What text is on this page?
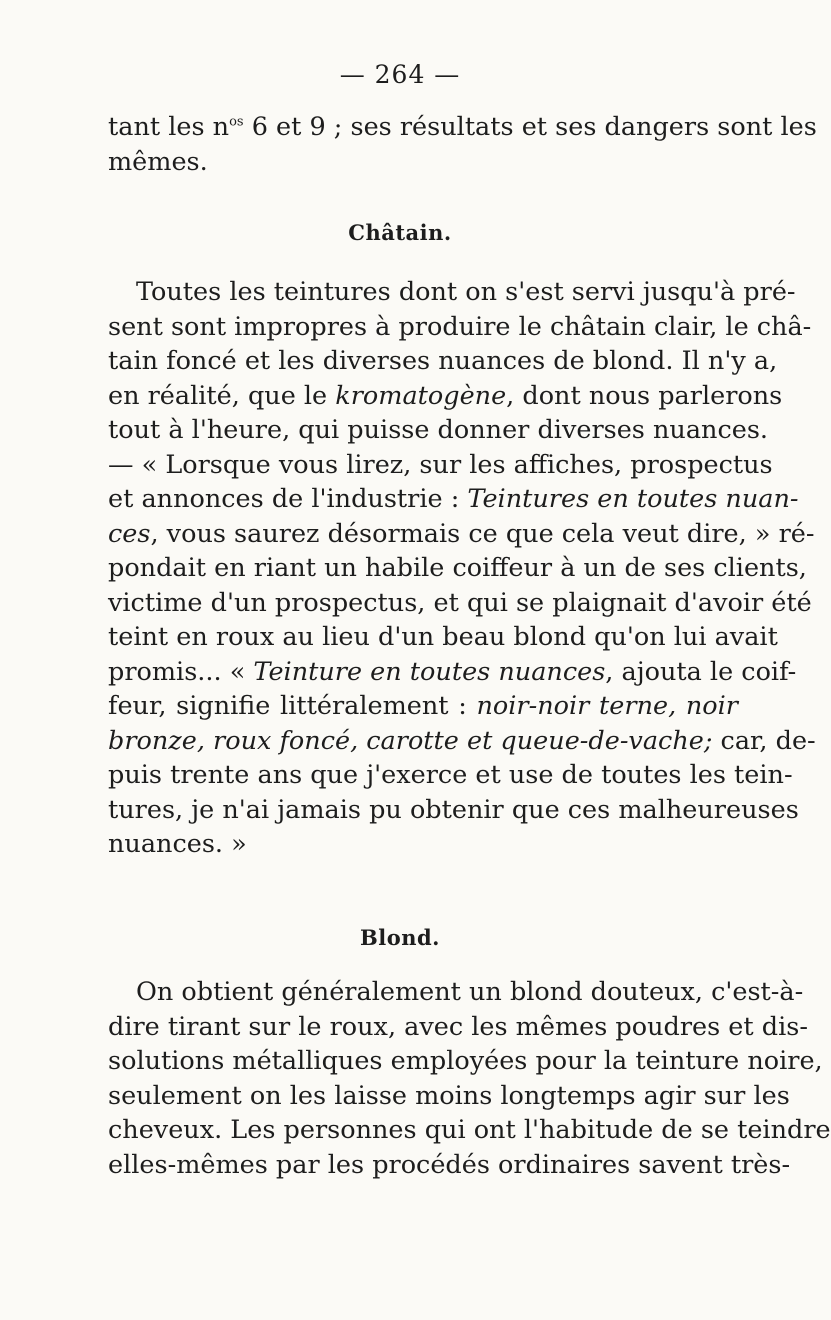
— 264 —
tant les $n^{os}$ 6 et 9 ; ses résultats et ses dangers sont les
mêmes.
Châtain.
Toutes les teintures dont on s'est servi jusqu'à pré-
sent sont impropres à produire le châtain clair, le châ-
tain foncé et les diverses nuances de blond. Il n'y a,
en réalité, que le kromatogène, dont nous parlerons
tout à l'heure, qui puisse donner diverses nuances.
— « Lorsque vous lirez, sur les affiches, prospectus
et annonces de l'industrie : Teintures en toutes nuan-
ces, vous saurez désormais ce que cela veut dire, » ré-
pondait en riant un habile coiffeur à un de ses clients,
victime d'un prospectus, et qui se plaignait d'avoir été
teint en roux au lieu d'un beau blond qu'on lui avait
promis... « Teinture en toutes nuances, ajouta le coif-
feur, signifie littéralement : noir-noir terne, noir
bronze, roux foncé, carotte et queue-de-vache; car, de-
puis trente ans que j'exerce et use de toutes les tein-
tures, je n'ai jamais pu obtenir que ces malheureuses
nuances. »
Blond.
On obtient généralement un blond douteux, c'est-à-
dire tirant sur le roux, avec les mêmes poudres et dis-
solutions métalliques employées pour la teinture noire,
seulement on les laisse moins longtemps agir sur les
cheveux. Les personnes qui ont l'habitude de se teindre
elles-mêmes par les procédés ordinaires savent très-
